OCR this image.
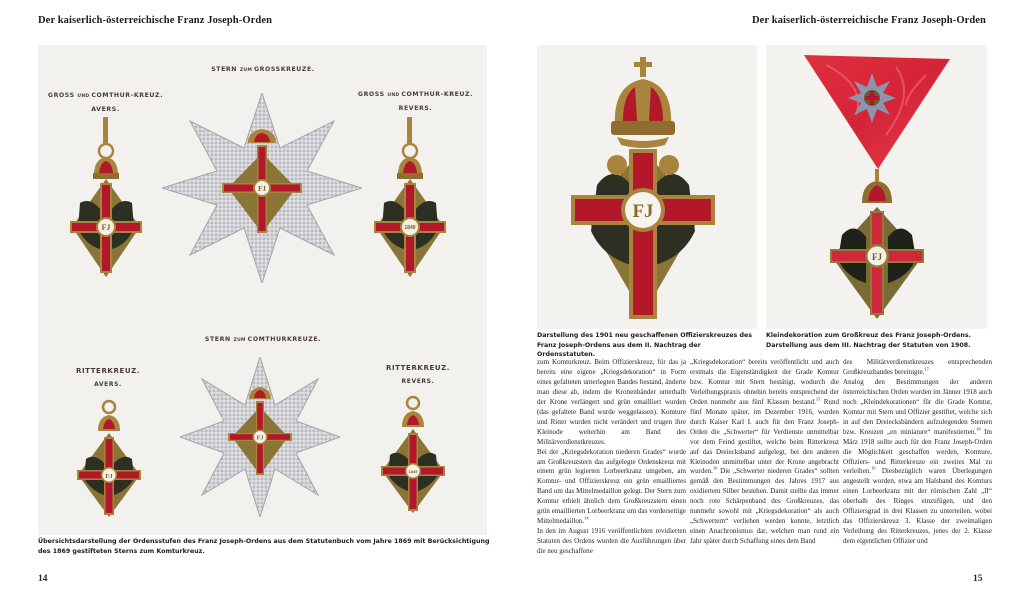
Der kaiserlich-österreichische Franz Joseph-Orden
STERN ZUM GROSSKREUZE.
GROSS UND COMTHUR-KREUZ.
AVERS.
GROSS UND COMTHUR-KREUZ.
REVERS.
STERN ZUM COMTHURKREUZE.
RITTERKREUZ.
AVERS.
RITTERKREUZ.
REVERS.
FJ
FJ
1849
FJ
FJ
1849
Übersichtsdarstellung der Ordensstufen des Franz Joseph-Ordens aus dem Statutenbuch vom Jahre 1869 mit Berücksichtigung des 1869 gestifteten Sterns zum Komturkreuz.
14
Der kaiserlich-österreichische Franz Joseph-Orden
FJ
FJ
Darstellung des 1901 neu geschaffenen Offizierskreuzes des Franz Joseph-Ordens aus dem II. Nachtrag der Ordensstatuten.
Kleindekoration zum Großkreuz des Franz Joseph-Ordens. Darstellung aus dem III. Nachtrag der Statuten von 1908.

zum Komturkreuz. Beim Offizierskreuz, für das ja bereits eine eigene „Kriegsdekoration“ in Form eines gefalteten unterlegten Bandes bestand, änderte man diese ab, indem die Kronenbänder unterhalb der Krone verlängert und grün emailliert wurden (das gefaltete Band wurde weggelassen). Komture und Ritter wurden nicht verändert und trugen ihre Kleinode weiterhin am Band des Militärverdienstkreuzes.

Bei der „Kriegsdekoration niederen Grades“ wurde am Großkreuzstern das aufgelegte Ordenskreuz mit einem grün legierten Lorbeerkranz umgeben, am Komtur- und Offizierskreuz ein grün emailliertes Band um das Mittelmedaillon gelegt. Der Stern zum Komtur erhielt ähnlich dem Großkreuzstern einen grün emaillierten Lorbeerkranz um das vorderseitige Mittelmedaillon.$^{14}$

In den im August 1916 veröffentlichten revidierten Statuten des Ordens wurden die Ausführungen über die neu geschaffene

„Kriegsdekoration“ bereits veröffentlicht und auch erstmals die Eigenständigkeit der Grade Komtur bzw. Komtur mit Stern bestätigt, wodurch die Verleihungspraxis ohnehin bereits entsprechend der Orden nunmehr aus fünf Klassen bestand.$^{15}$ Rund fünf Monate später, im Dezember 1916, wurden durch Kaiser Karl I. auch für den Franz Joseph-Orden die „Schwerter“ für Verdienste unmittelbar vor dem Feind gestiftet, welche beim Ritterkreuz auf das Dreiecksband aufgelegt, bei den anderen Kleinoden unmittelbar unter der Krone angebracht wurden.$^{16}$ Die „Schwerter niederen Grades“ sollten gemäß den Bestimmungen des Jahres 1917 aus oxidiertem Silber bestehen. Damit stellte das immer noch rote Schärpenband des Großkreuzes, das nunmehr sowohl mit „Kriegsdekoration“ als auch „Schwertern“ verliehen werden konnte, letztlich einen Anachronismus dar, welchen man rund ein Jahr später durch Schaffung eines dem Band

des Militärverdienstkreuzes entsprechenden Großkreuzbandes bereinigte.$^{17}$

Analog den Bestimmungen der anderen österreichischen Orden wurden im Jänner 1918 auch noch „Kleindekorationen“ für die Grade Komtur, Komtur mit Stern und Offizier gestiftet, welche sich in auf den Dreiecksbändern aufzulegenden Sternen bzw. Kreuzen „en miniature“ manifestierten.$^{18}$ Im März 1918 sollte auch für den Franz Joseph-Orden die Möglichkeit geschaffen werden, Komture, Offiziers- und Ritterkreuze ein zweites Mal zu verleihen.$^{19}$ Diesbezüglich waren Überlegungen angestellt worden, etwa am Halsband des Komturs einen Lorbeerkranz mit der römischen Zahl „II“ oberhalb des Ringes einzufügen, und den Offiziersgrad in drei Klassen zu unterteilen, wobei das Offizierskreuz 3. Klasse der zweimaligen Verleihung des Ritterkreuzes, jenes der 2. Klasse dem eigentlichen Offizier und

15
